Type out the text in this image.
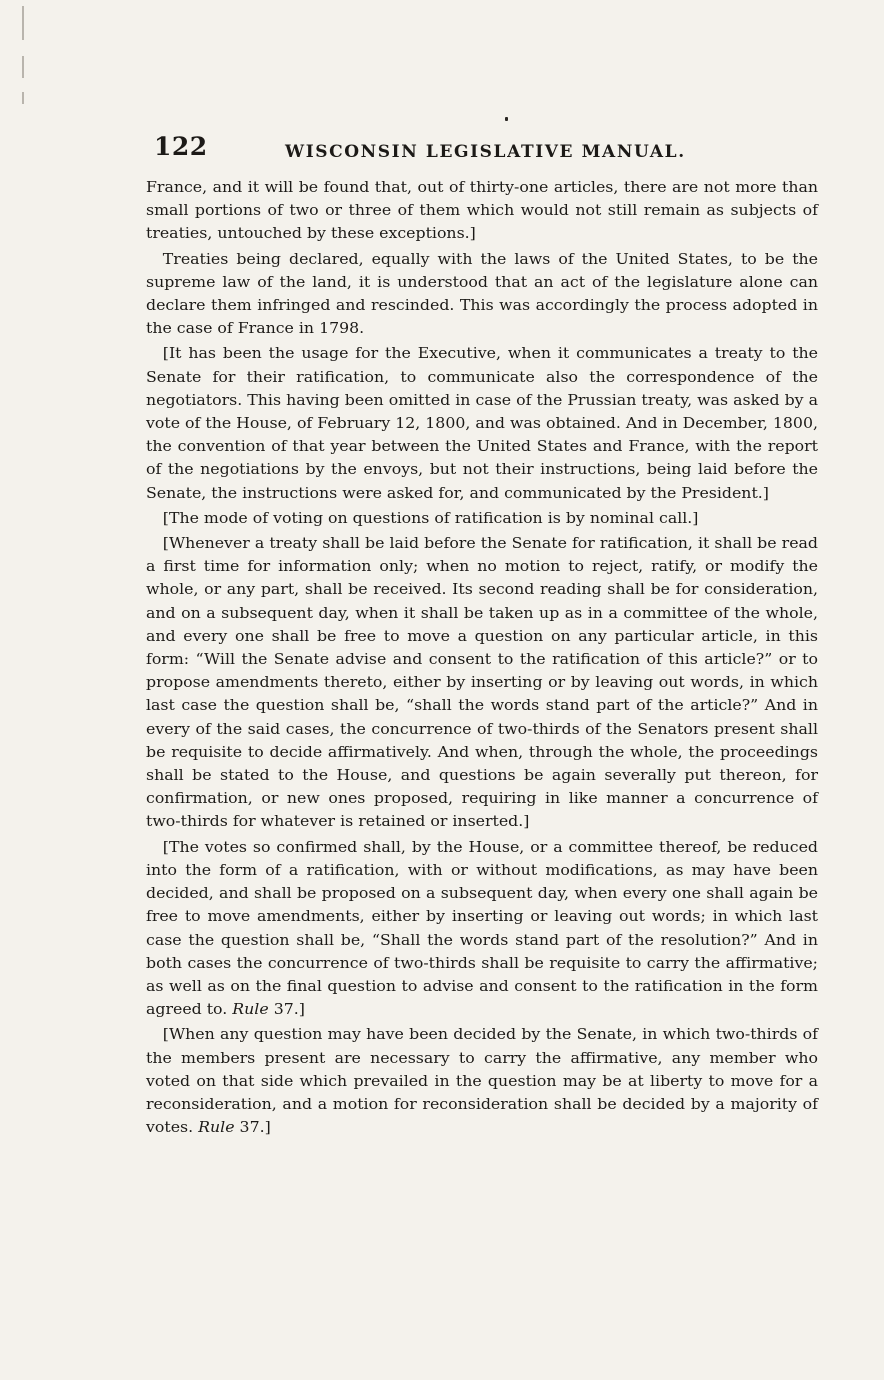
122	WISCONSIN LEGISLATIVE MANUAL.

France, and it will be found that, out of thirty-one articles, there are not more than small portions of two or three of them which would not still remain as subjects of treaties, untouched by these exceptions.]

Treaties being declared, equally with the laws of the United States, to be the supreme law of the land, it is understood that an act of the legislature alone can declare them infringed and rescinded. This was accordingly the process adopted in the case of France in 1798.

[It has been the usage for the Executive, when it communicates a treaty to the Senate for their ratification, to communicate also the correspondence of the negotiators. This having been omitted in case of the Prussian treaty, was asked by a vote of the House, of February 12, 1800, and was obtained. And in December, 1800, the convention of that year between the United States and France, with the report of the negotiations by the envoys, but not their instructions, being laid before the Senate, the instructions were asked for, and communicated by the President.]

[The mode of voting on questions of ratification is by nominal call.]

[Whenever a treaty shall be laid before the Senate for ratification, it shall be read a first time for information only; when no motion to reject, ratify, or modify the whole, or any part, shall be received. Its second reading shall be for consideration, and on a subsequent day, when it shall be taken up as in a committee of the whole, and every one shall be free to move a question on any particular article, in this form: “Will the Senate advise and consent to the ratification of this article?” or to propose amendments thereto, either by inserting or by leaving out words, in which last case the question shall be, “shall the words stand part of the article?” And in every of the said cases, the concurrence of two-thirds of the Senators present shall be requisite to decide affirmatively. And when, through the whole, the proceedings shall be stated to the House, and questions be again severally put thereon, for confirmation, or new ones proposed, requiring in like manner a concurrence of two-thirds for whatever is retained or inserted.]

[The votes so confirmed shall, by the House, or a committee thereof, be reduced into the form of a ratification, with or without modifications, as may have been decided, and shall be proposed on a subsequent day, when every one shall again be free to move amendments, either by inserting or leaving out words; in which last case the question shall be, “Shall the words stand part of the resolution?” And in both cases the concurrence of two-thirds shall be requisite to carry the affirmative; as well as on the final question to advise and consent to the ratification in the form agreed to. Rule 37.]

[When any question may have been decided by the Senate, in which two-thirds of the members present are necessary to carry the affirmative, any member who voted on that side which prevailed in the question may be at liberty to move for a reconsideration, and a motion for reconsideration shall be decided by a majority of votes. Rule 37.]
